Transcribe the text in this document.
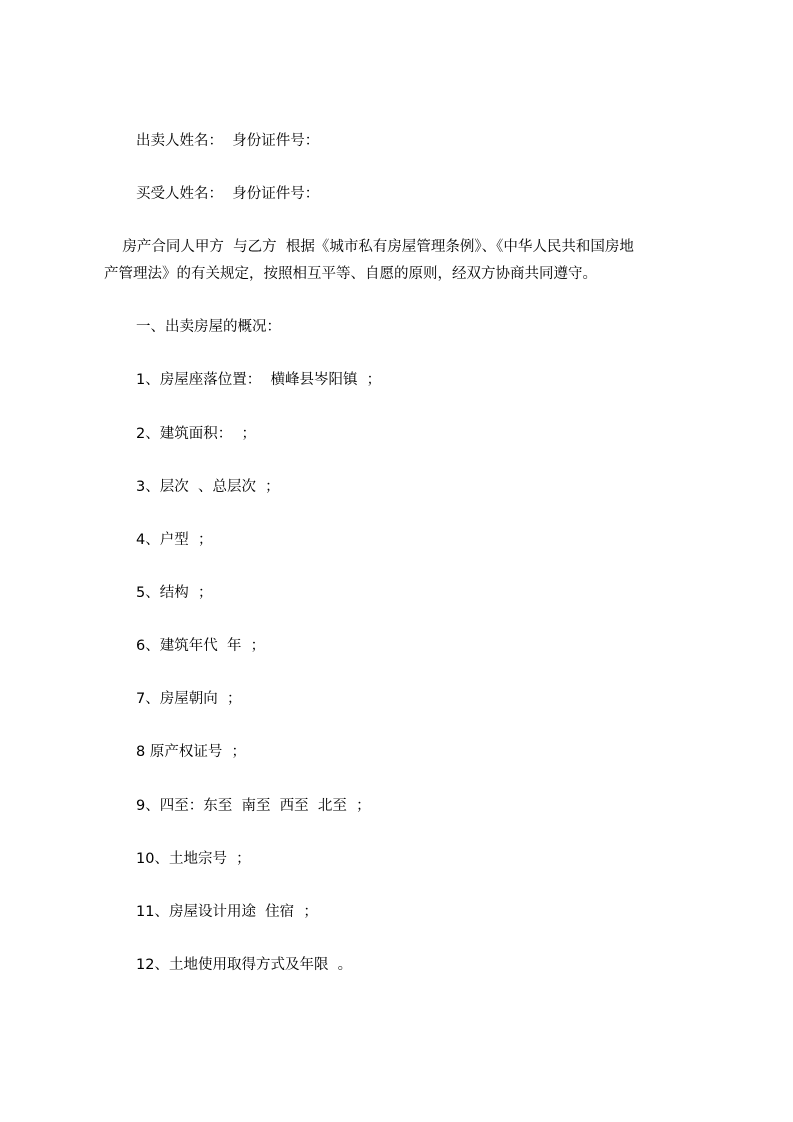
出卖人姓名：  身份证件号：

买受人姓名：  身份证件号：

房产合同人甲方  与乙方  根据《城市私有房屋管理条例》、《中华人民共和国房地

产管理法》的有关规定，按照相互平等、自愿的原则，经双方协商共同遵守。

一、出卖房屋的概况：

1、房屋座落位置：  横峰县岑阳镇  ；

2、建筑面积：  ；

3、层次  、总层次  ；

4、户型  ；

5、结构  ；

6、建筑年代  年  ；

7、房屋朝向  ；

8 原产权证号  ；

9、四至：东至  南至  西至  北至  ；

10、土地宗号  ；

11、房屋设计用途  住宿  ；

12、土地使用取得方式及年限  。
